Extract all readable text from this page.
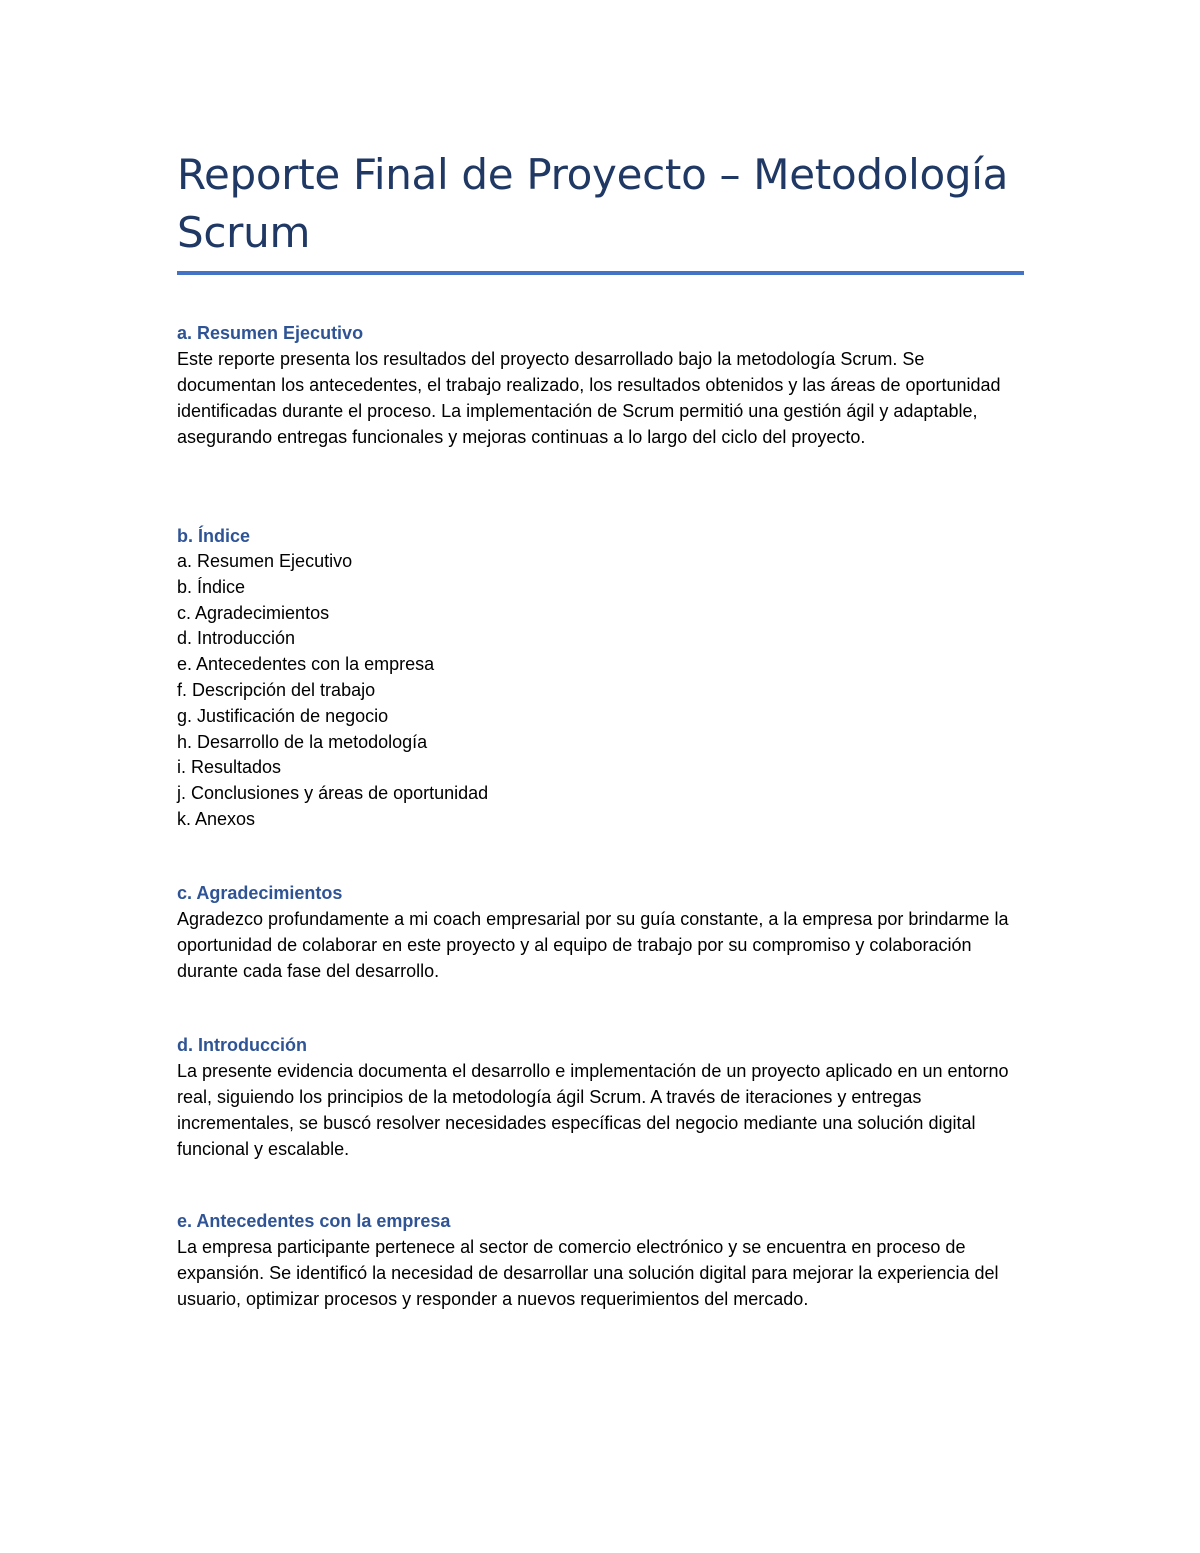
Reporte Final de Proyecto – Metodología Scrum
a. Resumen Ejecutivo

Este reporte presenta los resultados del proyecto desarrollado bajo la metodología Scrum. Se documentan los antecedentes, el trabajo realizado, los resultados obtenidos y las áreas de oportunidad identificadas durante el proceso. La implementación de Scrum permitió una gestión ágil y adaptable, asegurando entregas funcionales y mejoras continuas a lo largo del ciclo del proyecto.

b. Índice
a. Resumen Ejecutivo
b. Índice
c. Agradecimientos
d. Introducción
e. Antecedentes con la empresa
f. Descripción del trabajo
g. Justificación de negocio
h. Desarrollo de la metodología
i. Resultados
j. Conclusiones y áreas de oportunidad
k. Anexos
c. Agradecimientos

Agradezco profundamente a mi coach empresarial por su guía constante, a la empresa por brindarme la oportunidad de colaborar en este proyecto y al equipo de trabajo por su compromiso y colaboración durante cada fase del desarrollo.

d. Introducción

La presente evidencia documenta el desarrollo e implementación de un proyecto aplicado en un entorno real, siguiendo los principios de la metodología ágil Scrum. A través de iteraciones y entregas incrementales, se buscó resolver necesidades específicas del negocio mediante una solución digital funcional y escalable.

e. Antecedentes con la empresa

La empresa participante pertenece al sector de comercio electrónico y se encuentra en proceso de expansión. Se identificó la necesidad de desarrollar una solución digital para mejorar la experiencia del usuario, optimizar procesos y responder a nuevos requerimientos del mercado.
